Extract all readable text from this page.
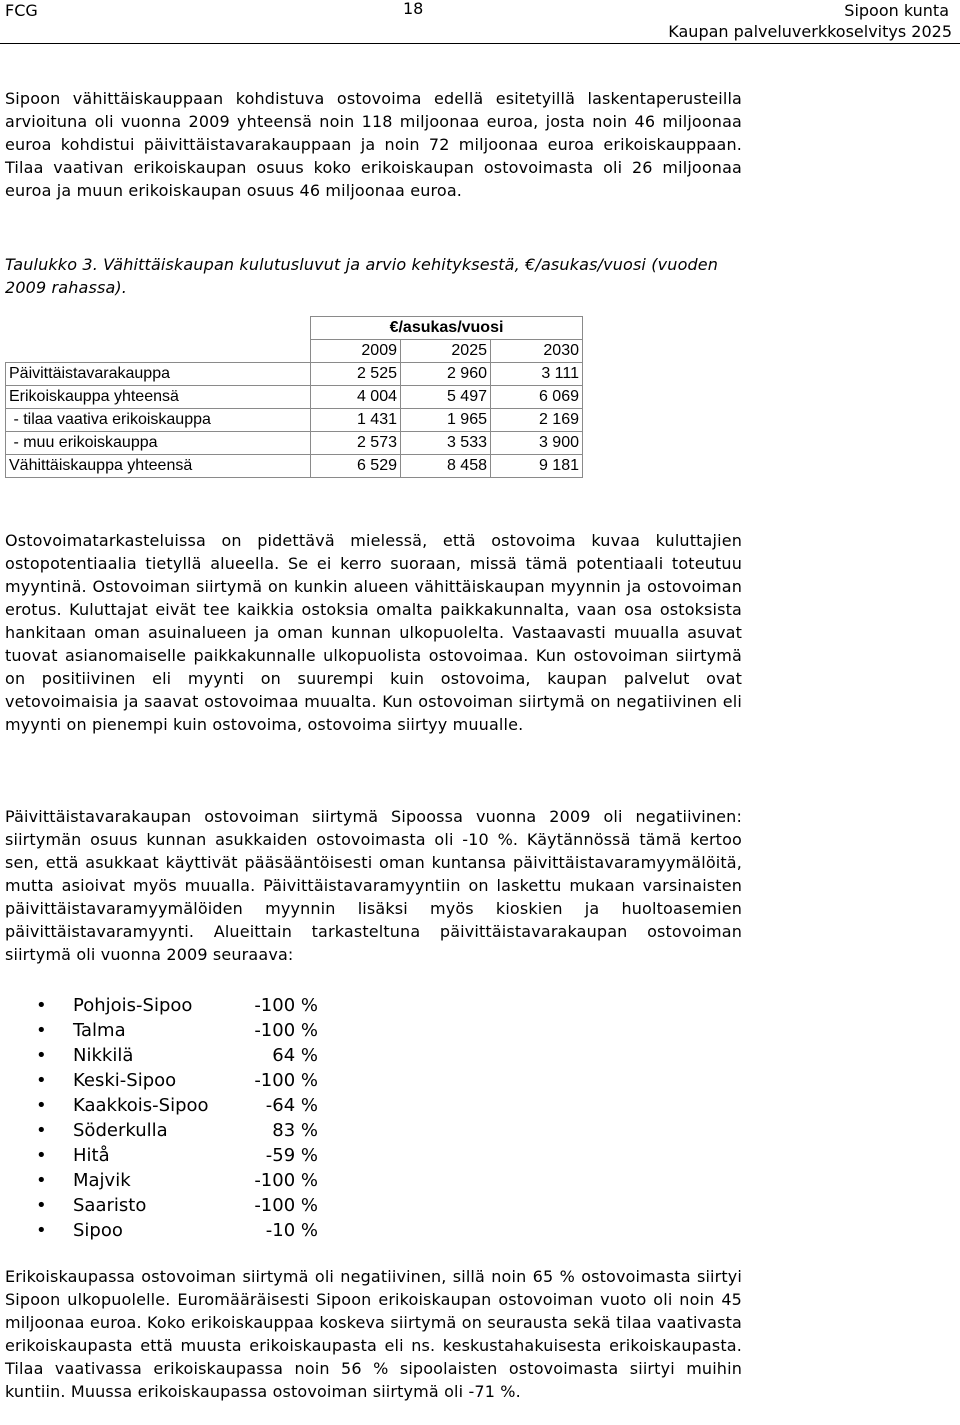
FCG	18	Sipoon kunta
Kaupan palveluverkkoselvitys 2025

Sipoon vähittäiskauppaan kohdistuva ostovoima edellä esitetyillä laskentaperusteilla arvioituna oli vuonna 2009 yhteensä noin 118 miljoonaa euroa, josta noin 46 miljoonaa euroa kohdistui päivittäistavarakauppaan ja noin 72 miljoonaa euroa erikoiskauppaan. Tilaa vaativan erikoiskaupan osuus koko erikoiskaupan ostovoimasta oli 26 miljoonaa euroa ja muun erikoiskaupan osuus 46 miljoonaa euroa.

Taulukko 3. Vähittäiskaupan kulutusluvut ja arvio kehityksestä, €/asukas/vuosi (vuoden 2009 rahassa).

	€/asukas/vuosi		
	2009	2025	2030
Päivittäistavarakauppa	2 525	2 960	3 111
Erikoiskauppa yhteensä	4 004	5 497	6 069
- tilaa vaativa erikoiskauppa	1 431	1 965	2 169
- muu erikoiskauppa	2 573	3 533	3 900
Vähittäiskauppa yhteensä	6 529	8 458	9 181

Ostovoimatarkasteluissa on pidettävä mielessä, että ostovoima kuvaa kuluttajien ostopotentiaalia tietyllä alueella. Se ei kerro suoraan, missä tämä potentiaali toteutuu myyntinä. Ostovoiman siirtymä on kunkin alueen vähittäiskaupan myynnin ja ostovoiman erotus. Kuluttajat eivät tee kaikkia ostoksia omalta paikkakunnalta, vaan osa ostoksista hankitaan oman asuinalueen ja oman kunnan ulkopuolelta. Vastaavasti muualla asuvat tuovat asianomaiselle paikkakunnalle ulkopuolista ostovoimaa. Kun ostovoiman siirtymä on positiivinen eli myynti on suurempi kuin ostovoima, kaupan palvelut ovat vetovoimaisia ja saavat ostovoimaa muualta. Kun ostovoiman siirtymä on negatiivinen eli myynti on pienempi kuin ostovoima, ostovoima siirtyy muualle.

Päivittäistavarakaupan ostovoiman siirtymä Sipoossa vuonna 2009 oli negatiivinen: siirtymän osuus kunnan asukkaiden ostovoimasta oli -10 %. Käytännössä tämä kertoo sen, että asukkaat käyttivät pääsääntöisesti oman kuntansa päivittäistavaramyymälöitä, mutta asioivat myös muualla. Päivittäistavaramyyntiin on laskettu mukaan varsinaisten päivittäistavaramyymälöiden myynnin lisäksi myös kioskien ja huoltoasemien päivittäistavaramyynti. Alueittain tarkasteltuna päivittäistavarakaupan ostovoiman siirtymä oli vuonna 2009 seuraava:

• Pohjois-Sipoo	-100 %
• Talma	-100 %
• Nikkilä	64 %
• Keski-Sipoo	-100 %
• Kaakkois-Sipoo	-64 %
• Söderkulla	83 %
• Hitå	-59 %
• Majvik	-100 %
• Saaristo	-100 %
• Sipoo	-10 %

Erikoiskaupassa ostovoiman siirtymä oli negatiivinen, sillä noin 65 % ostovoimasta siirtyi Sipoon ulkopuolelle. Euromääräisesti Sipoon erikoiskaupan ostovoiman vuoto oli noin 45 miljoonaa euroa. Koko erikoiskauppaa koskeva siirtymä on seurausta sekä tilaa vaativasta erikoiskaupasta että muusta erikoiskaupasta eli ns. keskustahakuisesta erikoiskaupasta. Tilaa vaativassa erikoiskaupassa noin 56 % sipoolaisten ostovoimasta siirtyi muihin kuntiin. Muussa erikoiskaupassa ostovoiman siirtymä oli -71 %.
